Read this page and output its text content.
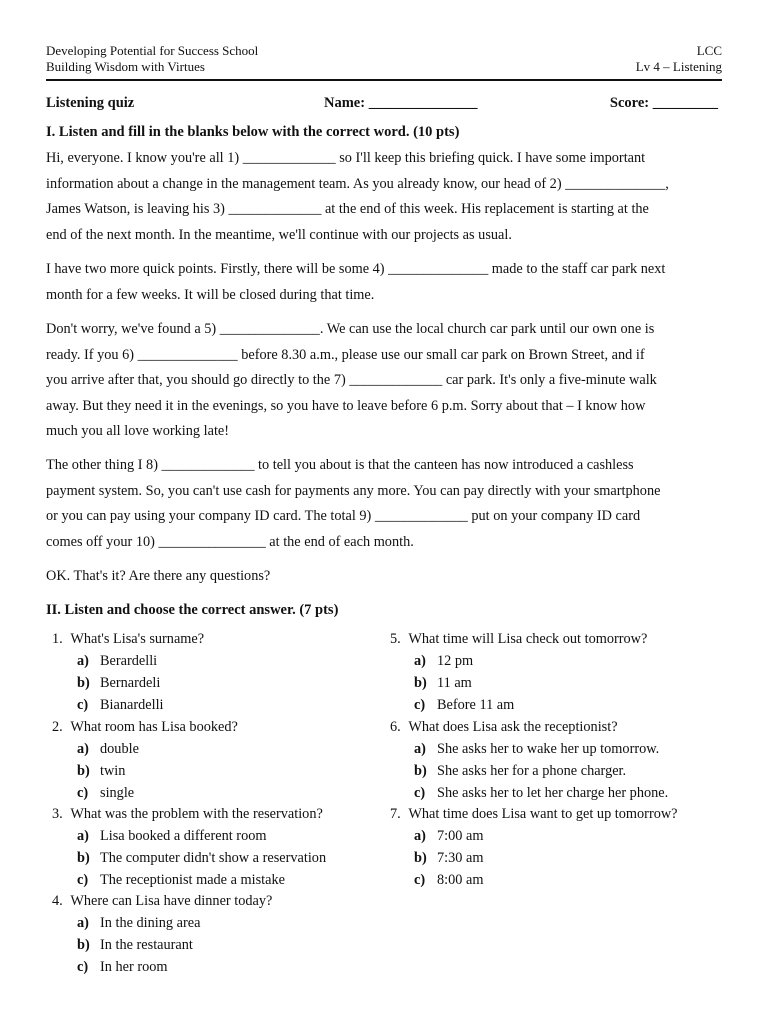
Developing Potential for Success School	LCC
Building Wisdom with Virtues	Lv 4 – Listening
Listening quiz	Name: _______________	Score: _________
I. Listen and fill in the blanks below with the correct word. (10 pts)
Hi, everyone. I know you're all 1) _____________ so I'll keep this briefing quick. I have some important
information about a change in the management team. As you already know, our head of 2) ______________,
James Watson, is leaving his 3) _____________ at the end of this week. His replacement is starting at the
end of the next month. In the meantime, we'll continue with our projects as usual.
I have two more quick points. Firstly, there will be some 4) ______________ made to the staff car park next
month for a few weeks. It will be closed during that time.
Don't worry, we've found a 5) ______________. We can use the local church car park until our own one is
ready. If you 6) ______________ before 8.30 a.m., please use our small car park on Brown Street, and if
you arrive after that, you should go directly to the 7) _____________ car park. It's only a five-minute walk
away. But they need it in the evenings, so you have to leave before 6 p.m. Sorry about that – I know how
much you all love working late!
The other thing I 8) _____________ to tell you about is that the canteen has now introduced a cashless
payment system. So, you can't use cash for payments any more. You can pay directly with your smartphone
or you can pay using your company ID card. The total 9) _____________ put on your company ID card
comes off your 10) _______________ at the end of each month.
OK. That's it? Are there any questions?
II. Listen and choose the correct answer. (7 pts)
1. What's Lisa's surname?
a) Berardelli
b) Bernardeli
c) Bianardelli
2. What room has Lisa booked?
a) double
b) twin
c) single
3. What was the problem with the reservation?
a) Lisa booked a different room
b) The computer didn't show a reservation
c) The receptionist made a mistake
4. Where can Lisa have dinner today?
a) In the dining area
b) In the restaurant
c) In her room
5. What time will Lisa check out tomorrow?
a) 12 pm
b) 11 am
c) Before 11 am
6. What does Lisa ask the receptionist?
a) She asks her to wake her up tomorrow.
b) She asks her for a phone charger.
c) She asks her to let her charge her phone.
7. What time does Lisa want to get up tomorrow?
a) 7:00 am
b) 7:30 am
c) 8:00 am
